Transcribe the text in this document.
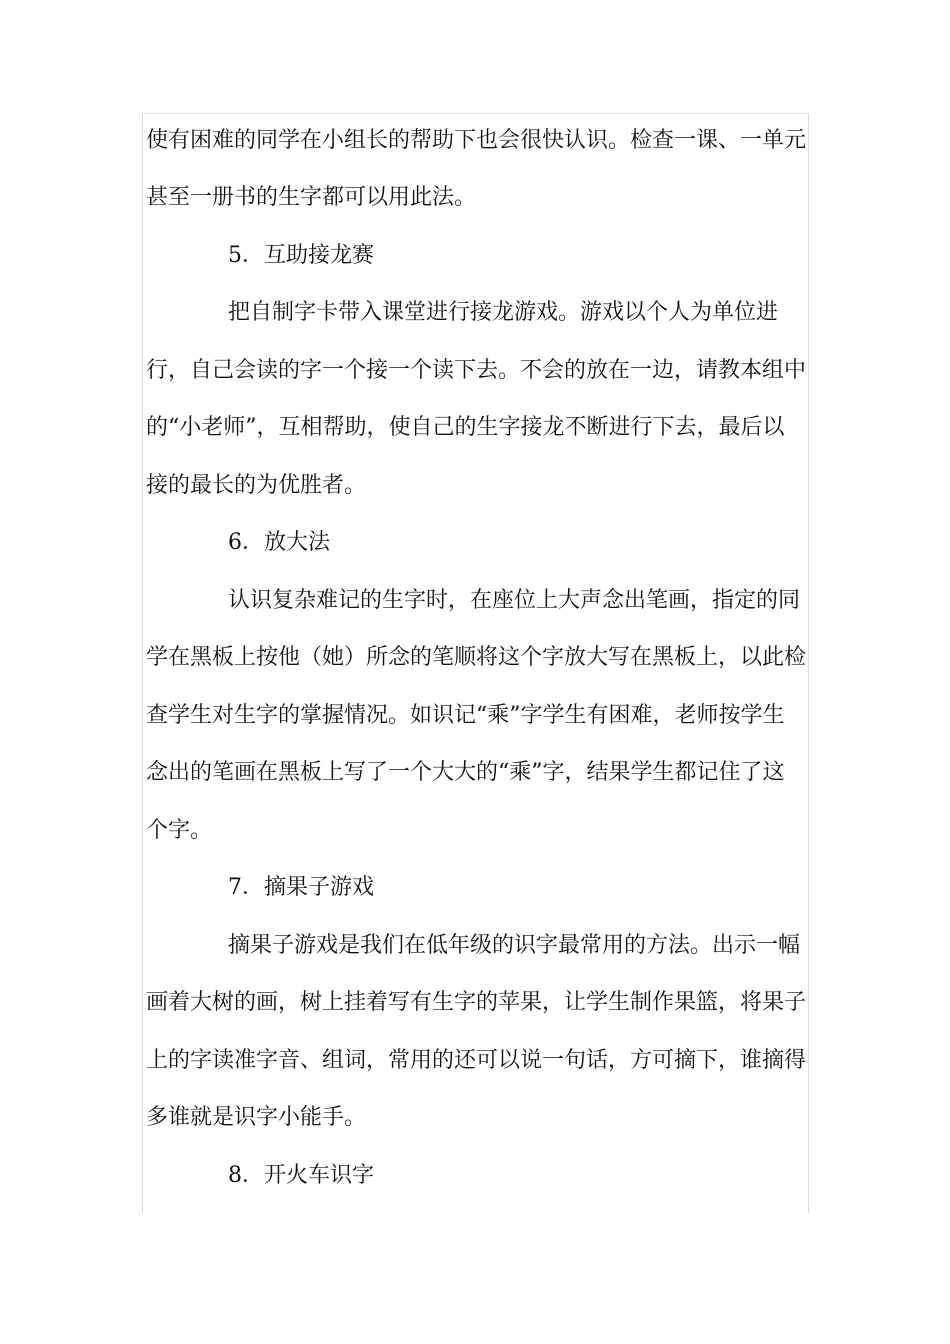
使有困难的同学在小组长的帮助下也会很快认识。检查一课、一单元
甚至一册书的生字都可以用此法。
5．互助接龙赛
把自制字卡带入课堂进行接龙游戏。游戏以个人为单位进
行，自己会读的字一个接一个读下去。不会的放在一边，请教本组中
的“小老师”，互相帮助，使自己的生字接龙不断进行下去，最后以
接的最长的为优胜者。
6．放大法
认识复杂难记的生字时，在座位上大声念出笔画，指定的同
学在黑板上按他（她）所念的笔顺将这个字放大写在黑板上，以此检
查学生对生字的掌握情况。如识记“乘”字学生有困难，老师按学生
念出的笔画在黑板上写了一个大大的“乘”字，结果学生都记住了这
个字。
7．摘果子游戏
摘果子游戏是我们在低年级的识字最常用的方法。出示一幅
画着大树的画，树上挂着写有生字的苹果，让学生制作果篮，将果子
上的字读准字音、组词，常用的还可以说一句话，方可摘下，谁摘得
多谁就是识字小能手。
8．开火车识字
